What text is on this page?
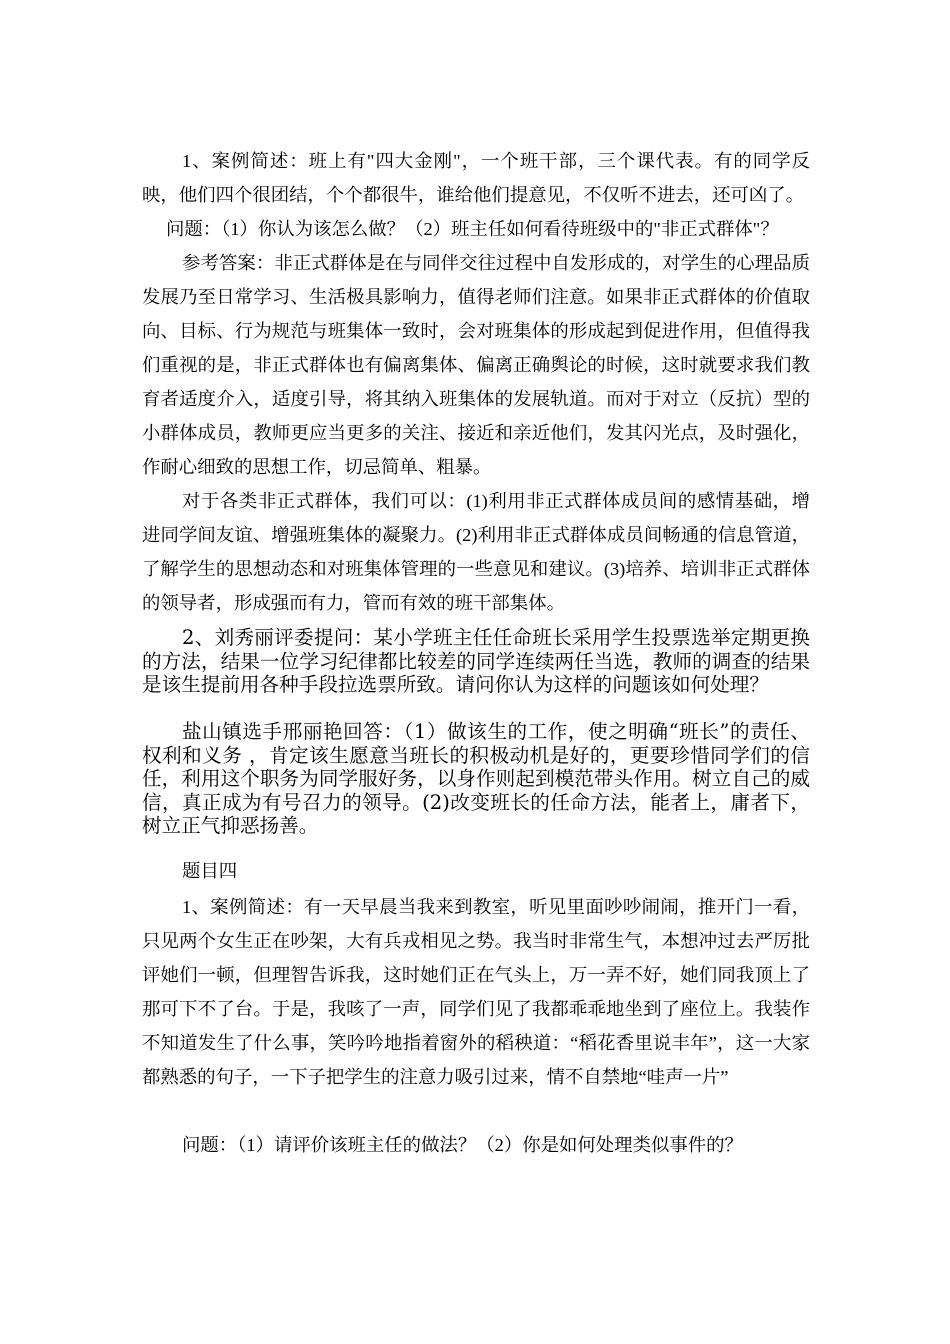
1、案例简述：班上有"四大金刚"，一个班干部，三个课代表。有的同学反映，他们四个很团结，个个都很牛，谁给他们提意见，不仅听不进去，还可凶了。

问题：（1）你认为该怎么做？（2）班主任如何看待班级中的"非正式群体"？

参考答案：非正式群体是在与同伴交往过程中自发形成的，对学生的心理品质发展乃至日常学习、生活极具影响力，值得老师们注意。如果非正式群体的价值取向、目标、行为规范与班集体一致时，会对班集体的形成起到促进作用，但值得我们重视的是，非正式群体也有偏离集体、偏离正确舆论的时候，这时就要求我们教育者适度介入，适度引导，将其纳入班集体的发展轨道。而对于对立（反抗）型的小群体成员，教师更应当更多的关注、接近和亲近他们，发其闪光点，及时强化，作耐心细致的思想工作，切忌简单、粗暴。

对于各类非正式群体，我们可以：(1)利用非正式群体成员间的感情基础，增进同学间友谊、增强班集体的凝聚力。(2)利用非正式群体成员间畅通的信息管道，了解学生的思想动态和对班集体管理的一些意见和建议。(3)培养、培训非正式群体的领导者，形成强而有力，管而有效的班干部集体。

2、刘秀丽评委提问：某小学班主任任命班长采用学生投票选举定期更换的方法，结果一位学习纪律都比较差的同学连续两任当选，教师的调查的结果是该生提前用各种手段拉选票所致。请问你认为这样的问题该如何处理？

盐山镇选手邢丽艳回答：（1）做该生的工作，使之明确“班长”的责任、权利和义务 ，肯定该生愿意当班长的积极动机是好的，更要珍惜同学们的信任，利用这个职务为同学服好务，以身作则起到模范带头作用。树立自己的威信，真正成为有号召力的领导。(2)改变班长的任命方法，能者上，庸者下，树立正气抑恶扬善。

题目四

1、案例简述：有一天早晨当我来到教室，听见里面吵吵闹闹，推开门一看，只见两个女生正在吵架，大有兵戎相见之势。我当时非常生气，本想冲过去严厉批评她们一顿，但理智告诉我，这时她们正在气头上，万一弄不好，她们同我顶上了那可下不了台。于是，我咳了一声，同学们见了我都乖乖地坐到了座位上。我装作不知道发生了什么事，笑吟吟地指着窗外的稻秧道：“稻花香里说丰年”，这一大家都熟悉的句子，一下子把学生的注意力吸引过来，情不自禁地“哇声一片”

问题：（1）请评价该班主任的做法？（2）你是如何处理类似事件的？
